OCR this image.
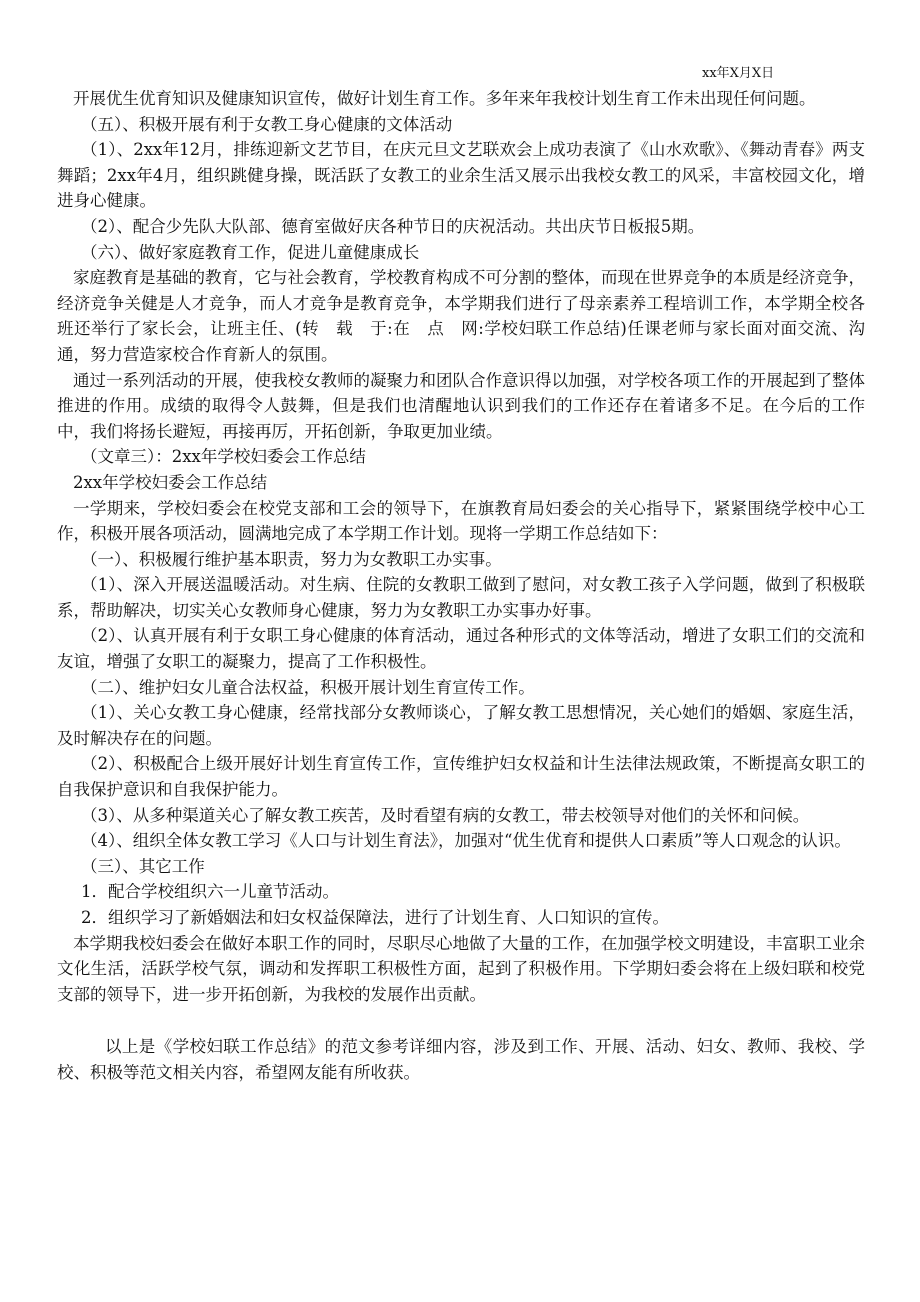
xx年X月X日

开展优生优育知识及健康知识宣传，做好计划生育工作。多年来年我校计划生育工作未出现任何问题。

（五）、积极开展有利于女教工身心健康的文体活动

（1）、2xx年12月，排练迎新文艺节目，在庆元旦文艺联欢会上成功表演了《山水欢歌》、《舞动青春》两支舞蹈；2xx年4月，组织跳健身操，既活跃了女教工的业余生活又展示出我校女教工的风采，丰富校园文化，增进身心健康。

（2）、配合少先队大队部、德育室做好庆各种节日的庆祝活动。共出庆节日板报5期。

（六）、做好家庭教育工作，促进儿童健康成长

家庭教育是基础的教育，它与社会教育，学校教育构成不可分割的整体，而现在世界竞争的本质是经济竞争，经济竞争关健是人才竞争，而人才竞争是教育竞争，本学期我们进行了母亲素养工程培训工作，本学期全校各班还举行了家长会，让班主任、(转　载　于:在　点　网:学校妇联工作总结)任课老师与家长面对面交流、沟通，努力营造家校合作育新人的氛围。

通过一系列活动的开展，使我校女教师的凝聚力和团队合作意识得以加强，对学校各项工作的开展起到了整体推进的作用。成绩的取得令人鼓舞，但是我们也清醒地认识到我们的工作还存在着诸多不足。在今后的工作中，我们将扬长避短，再接再厉，开拓创新，争取更加业绩。

（文章三）：2xx年学校妇委会工作总结

2xx年学校妇委会工作总结

一学期来，学校妇委会在校党支部和工会的领导下，在旗教育局妇委会的关心指导下，紧紧围绕学校中心工作，积极开展各项活动，圆满地完成了本学期工作计划。现将一学期工作总结如下：

（一）、积极履行维护基本职责，努力为女教职工办实事。

（1）、深入开展送温暖活动。对生病、住院的女教职工做到了慰问，对女教工孩子入学问题，做到了积极联系，帮助解决，切实关心女教师身心健康，努力为女教职工办实事办好事。

（2）、认真开展有利于女职工身心健康的体育活动，通过各种形式的文体等活动，增进了女职工们的交流和友谊，增强了女职工的凝聚力，提高了工作积极性。

（二）、维护妇女儿童合法权益，积极开展计划生育宣传工作。

（1）、关心女教工身心健康，经常找部分女教师谈心，了解女教工思想情况，关心她们的婚姻、家庭生活，及时解决存在的问题。

（2）、积极配合上级开展好计划生育宣传工作，宣传维护妇女权益和计生法律法规政策，不断提高女职工的自我保护意识和自我保护能力。

（3）、从多种渠道关心了解女教工疾苦，及时看望有病的女教工，带去校领导对他们的关怀和问候。

（4）、组织全体女教工学习《人口与计划生育法》，加强对“优生优育和提供人口素质”等人口观念的认识。

（三）、其它工作

1．配合学校组织六一儿童节活动。

2．组织学习了新婚姻法和妇女权益保障法，进行了计划生育、人口知识的宣传。

本学期我校妇委会在做好本职工作的同时，尽职尽心地做了大量的工作，在加强学校文明建设，丰富职工业余文化生活，活跃学校气氛，调动和发挥职工积极性方面，起到了积极作用。下学期妇委会将在上级妇联和校党支部的领导下，进一步开拓创新，为我校的发展作出贡献。

以上是《学校妇联工作总结》的范文参考详细内容，涉及到工作、开展、活动、妇女、教师、我校、学校、积极等范文相关内容，希望网友能有所收获。
